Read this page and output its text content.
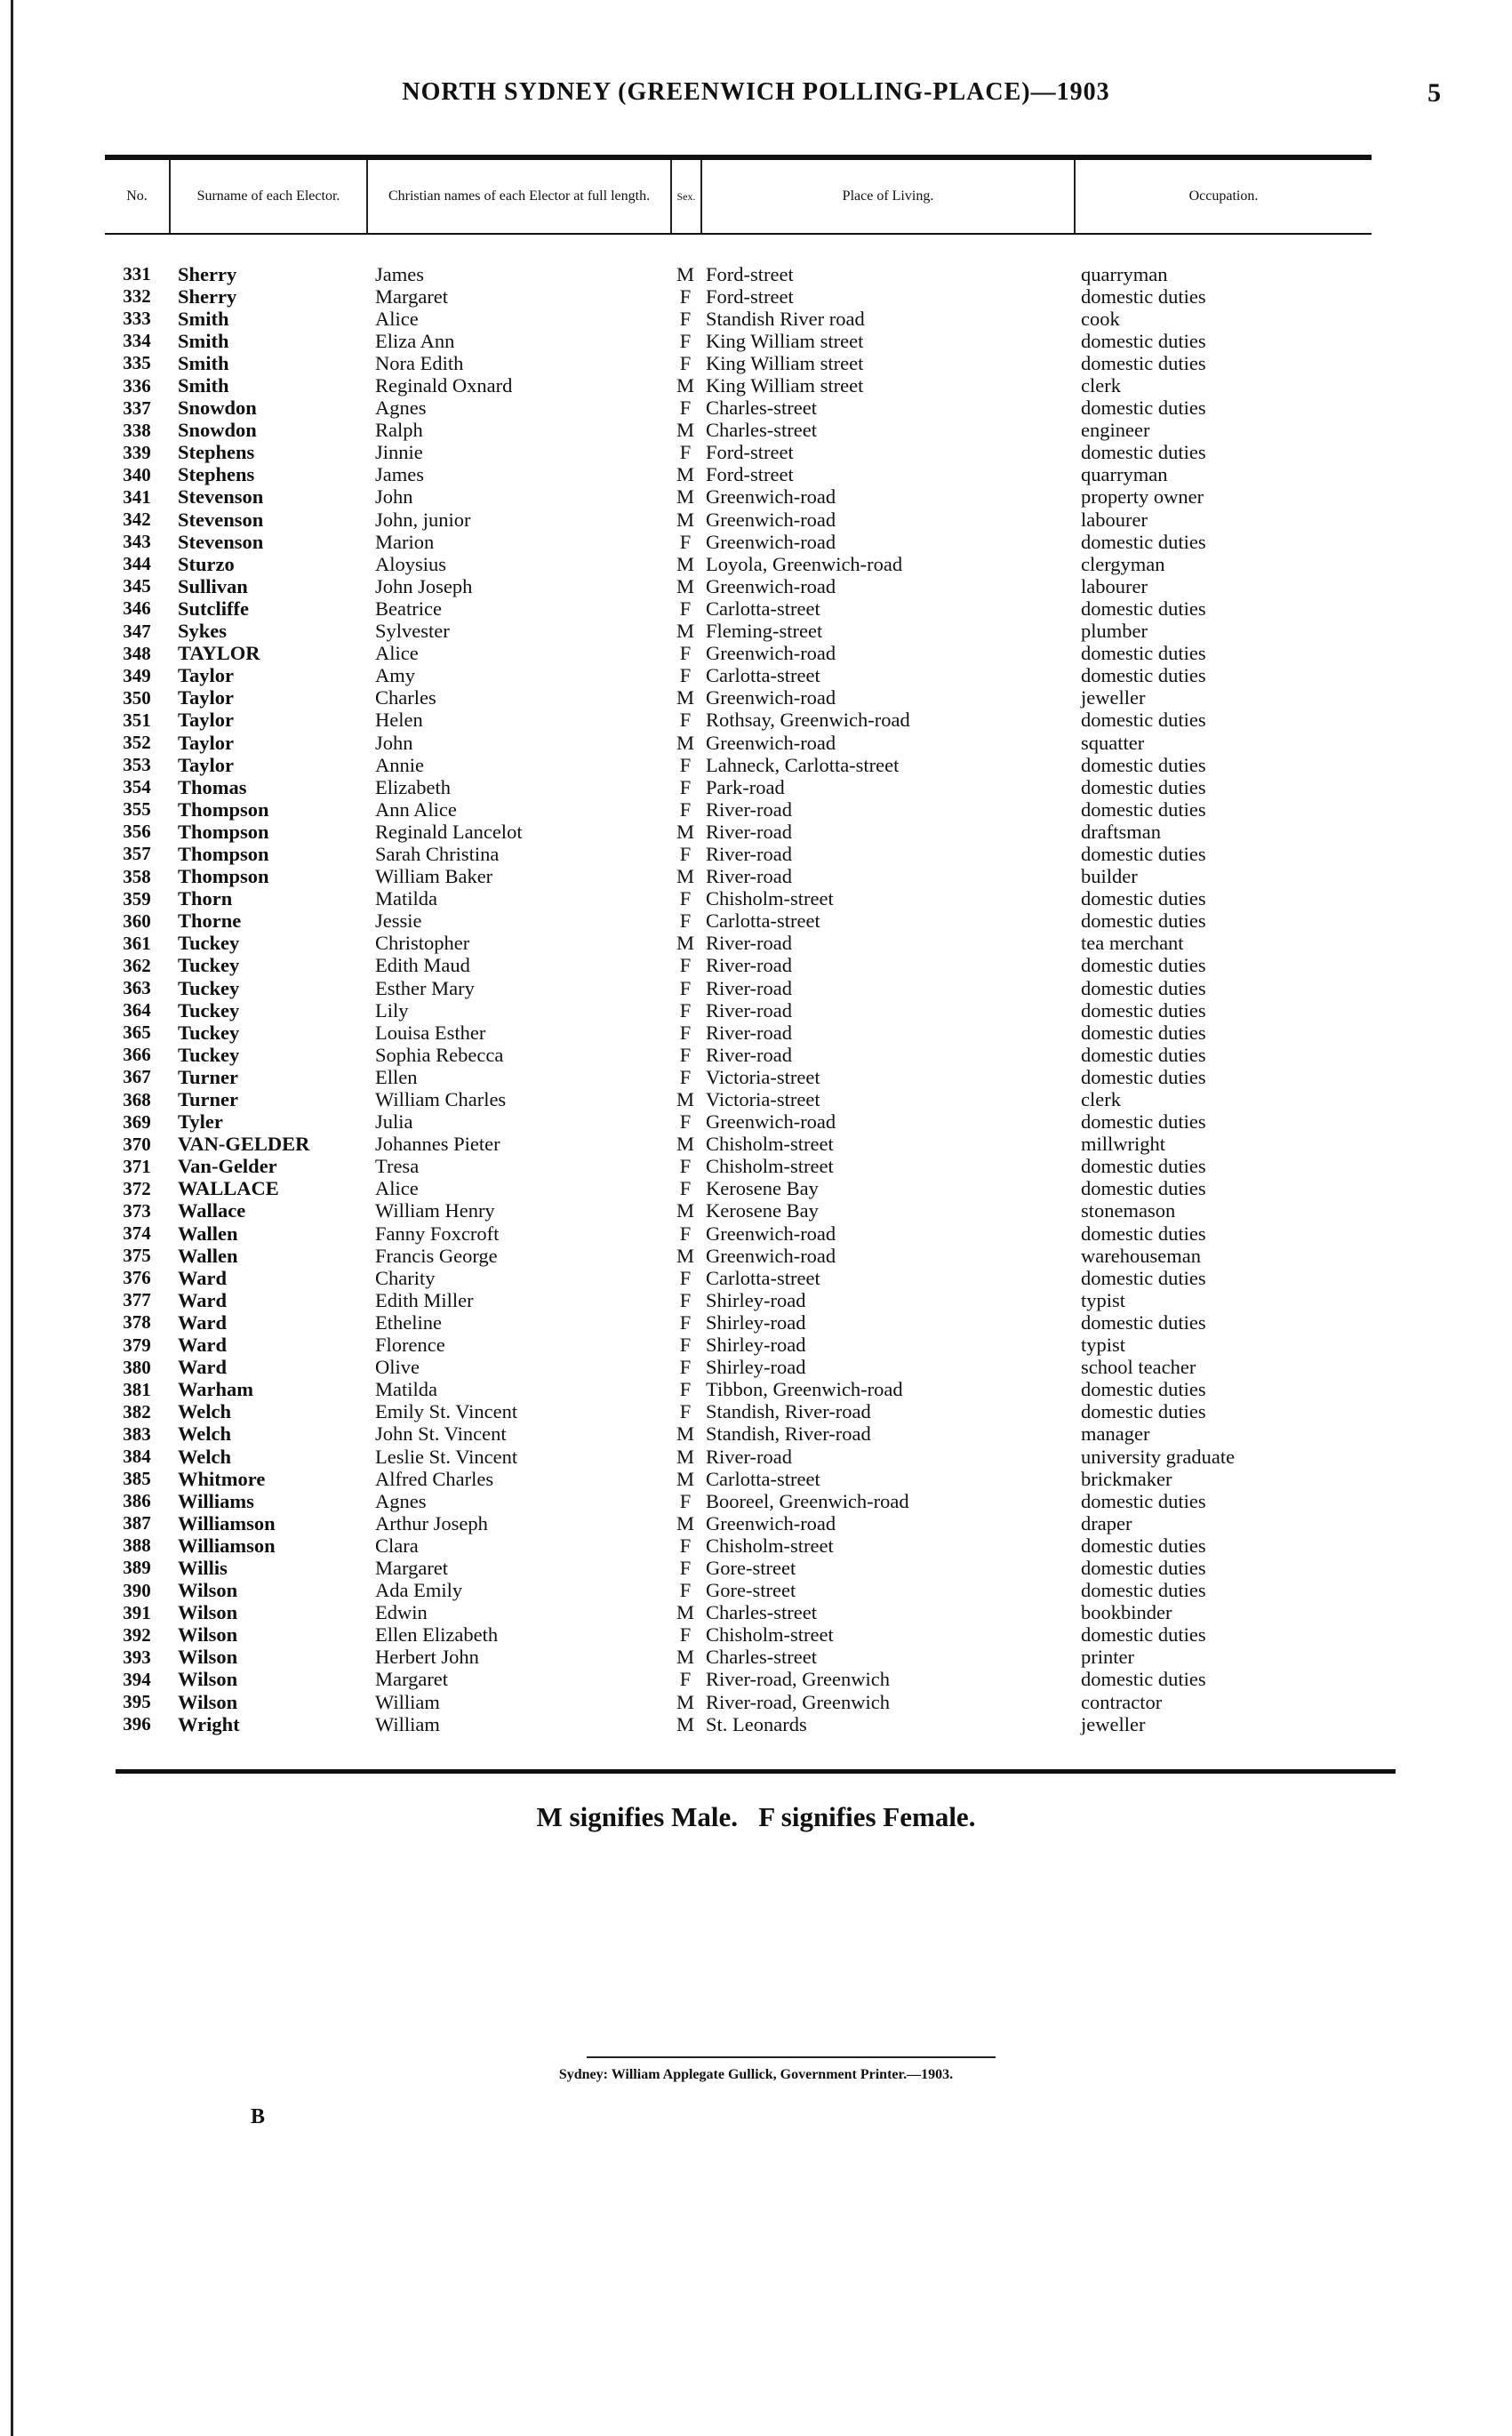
NORTH SYDNEY (GREENWICH POLLING-PLACE)—1903	5
No.	Surname of each Elector.	Christian names of each Elector at full length.	Sex.	Place of Living.	Occupation.
331	Sherry	James	M Ford-street	quarryman
332	Sherry	Margaret	F Ford-street	domestic duties
333	Smith	Alice	F Standish River road	cook
334	Smith	Eliza Ann	F King William street	domestic duties
335	Smith	Nora Edith	F King William street	domestic duties
336	Smith	Reginald Oxnard	M King William street	clerk
337	Snowdon	Agnes	F Charles-street	domestic duties
338	Snowdon	Ralph	M Charles-street	engineer
339	Stephens	Jinnie	F Ford-street	domestic duties
340	Stephens	James	M Ford-street	quarryman
341	Stevenson	John	M Greenwich-road	property owner
342	Stevenson	John, junior	M Greenwich-road	labourer
343	Stevenson	Marion	F Greenwich-road	domestic duties
344	Sturzo	Aloysius	M Loyola, Greenwich-road	clergyman
345	Sullivan	John Joseph	M Greenwich-road	labourer
346	Sutcliffe	Beatrice	F Carlotta-street	domestic duties
347	Sykes	Sylvester	M Fleming-street	plumber
348	TAYLOR	Alice	F Greenwich-road	domestic duties
349	Taylor	Amy	F Carlotta-street	domestic duties
350	Taylor	Charles	M Greenwich-road	jeweller
351	Taylor	Helen	F Rothsay, Greenwich-road	domestic duties
352	Taylor	John	M Greenwich-road	squatter
353	Taylor	Annie	F Lahneck, Carlotta-street	domestic duties
354	Thomas	Elizabeth	F Park-road	domestic duties
355	Thompson	Ann Alice	F River-road	domestic duties
356	Thompson	Reginald Lancelot	M River-road	draftsman
357	Thompson	Sarah Christina	F River-road	domestic duties
358	Thompson	William Baker	M River-road	builder
359	Thorn	Matilda	F Chisholm-street	domestic duties
360	Thorne	Jessie	F Carlotta-street	domestic duties
361	Tuckey	Christopher	M River-road	tea merchant
362	Tuckey	Edith Maud	F River-road	domestic duties
363	Tuckey	Esther Mary	F River-road	domestic duties
364	Tuckey	Lily	F River-road	domestic duties
365	Tuckey	Louisa Esther	F River-road	domestic duties
366	Tuckey	Sophia Rebecca	F River-road	domestic duties
367	Turner	Ellen	F Victoria-street	domestic duties
368	Turner	William Charles	M Victoria-street	clerk
369	Tyler	Julia	F Greenwich-road	domestic duties
370	VAN-GELDER	Johannes Pieter	M Chisholm-street	millwright
371	Van-Gelder	Tresa	F Chisholm-street	domestic duties
372	WALLACE	Alice	F Kerosene Bay	domestic duties
373	Wallace	William Henry	M Kerosene Bay	stonemason
374	Wallen	Fanny Foxcroft	F Greenwich-road	domestic duties
375	Wallen	Francis George	M Greenwich-road	warehouseman
376	Ward	Charity	F Carlotta-street	domestic duties
377	Ward	Edith Miller	F Shirley-road	typist
378	Ward	Etheline	F Shirley-road	domestic duties
379	Ward	Florence	F Shirley-road	typist
380	Ward	Olive	F Shirley-road	school teacher
381	Warham	Matilda	F Tibbon, Greenwich-road	domestic duties
382	Welch	Emily St. Vincent	F Standish, River-road	domestic duties
383	Welch	John St. Vincent	M Standish, River-road	manager
384	Welch	Leslie St. Vincent	M River-road	university graduate
385	Whitmore	Alfred Charles	M Carlotta-street	brickmaker
386	Williams	Agnes	F Booreel, Greenwich-road	domestic duties
387	Williamson	Arthur Joseph	M Greenwich-road	draper
388	Williamson	Clara	F Chisholm-street	domestic duties
389	Willis	Margaret	F Gore-street	domestic duties
390	Wilson	Ada Emily	F Gore-street	domestic duties
391	Wilson	Edwin	M Charles-street	bookbinder
392	Wilson	Ellen Elizabeth	F Chisholm-street	domestic duties
393	Wilson	Herbert John	M Charles-street	printer
394	Wilson	Margaret	F River-road, Greenwich	domestic duties
395	Wilson	William	M River-road, Greenwich	contractor
396	Wright	William	M St. Leonards	jeweller
M signifies Male.   F signifies Female.
Sydney: William Applegate Gullick, Government Printer.—1903.
B
